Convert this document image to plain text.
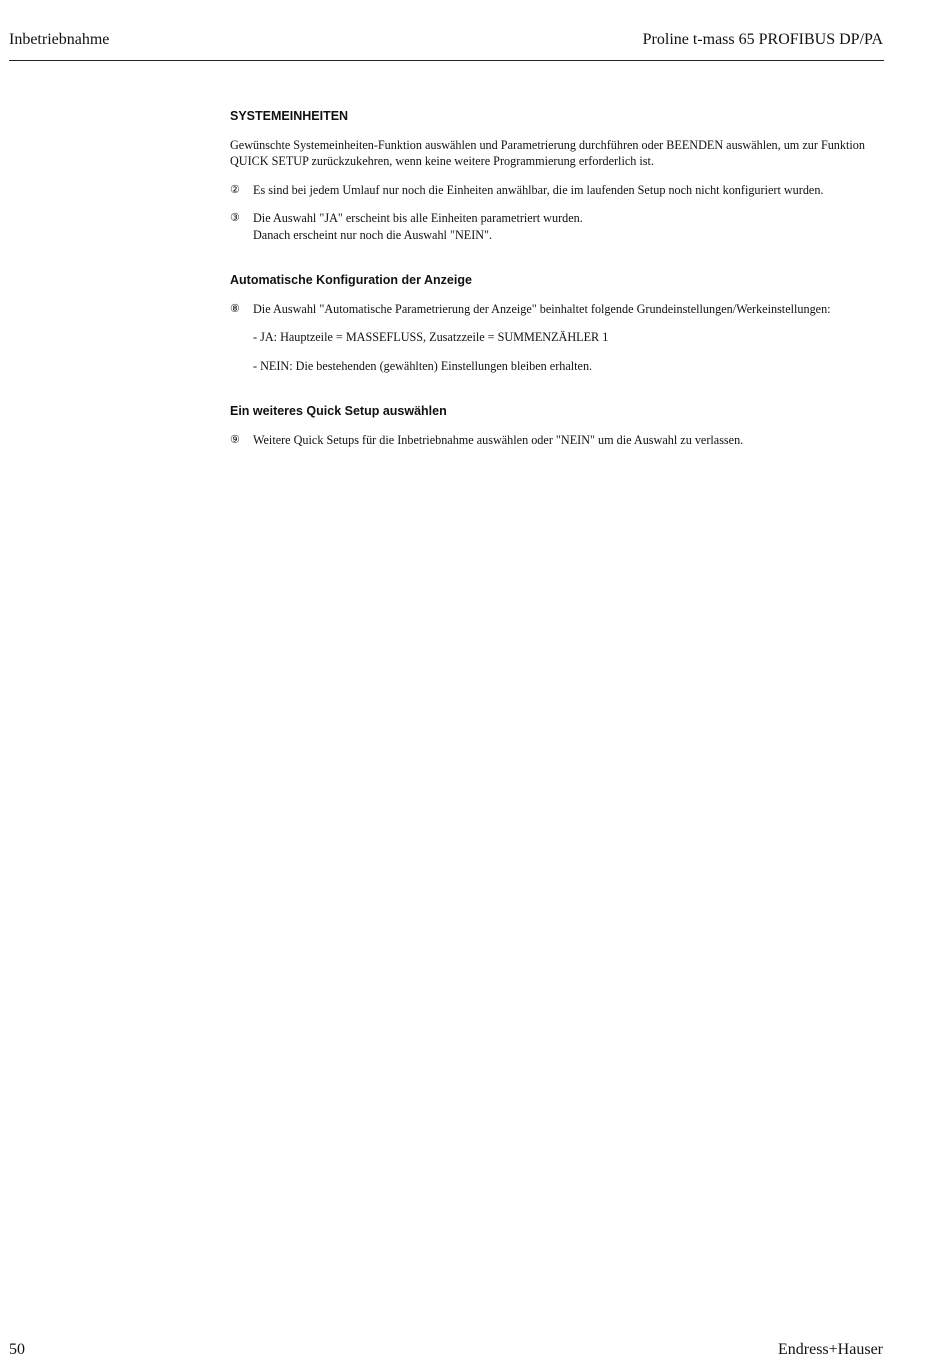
Inbetriebnahme	Proline t-mass 65 PROFIBUS DP/PA
SYSTEMEINHEITEN

Gewünschte Systemeinheiten-Funktion auswählen und Parametrierung durchführen oder BEENDEN auswählen, um zur Funktion QUICK SETUP zurückzukehren, wenn keine weitere Programmierung erforderlich ist.

② Es sind bei jedem Umlauf nur noch die Einheiten anwählbar, die im laufenden Setup noch nicht konfiguriert wurden.
③ Die Auswahl "JA" erscheint bis alle Einheiten parametriert wurden.
Danach erscheint nur noch die Auswahl "NEIN".
Automatische Konfiguration der Anzeige
⑧ Die Auswahl "Automatische Parametrierung der Anzeige" beinhaltet folgende Grundeinstellungen/Werkeinstellungen:
- JA: Hauptzeile = MASSEFLUSS, Zusatzzeile = SUMMENZÄHLER 1
- NEIN: Die bestehenden (gewählten) Einstellungen bleiben erhalten.
Ein weiteres Quick Setup auswählen
⑨ Weitere Quick Setups für die Inbetriebnahme auswählen oder "NEIN" um die Auswahl zu verlassen.
50	Endress+Hauser
